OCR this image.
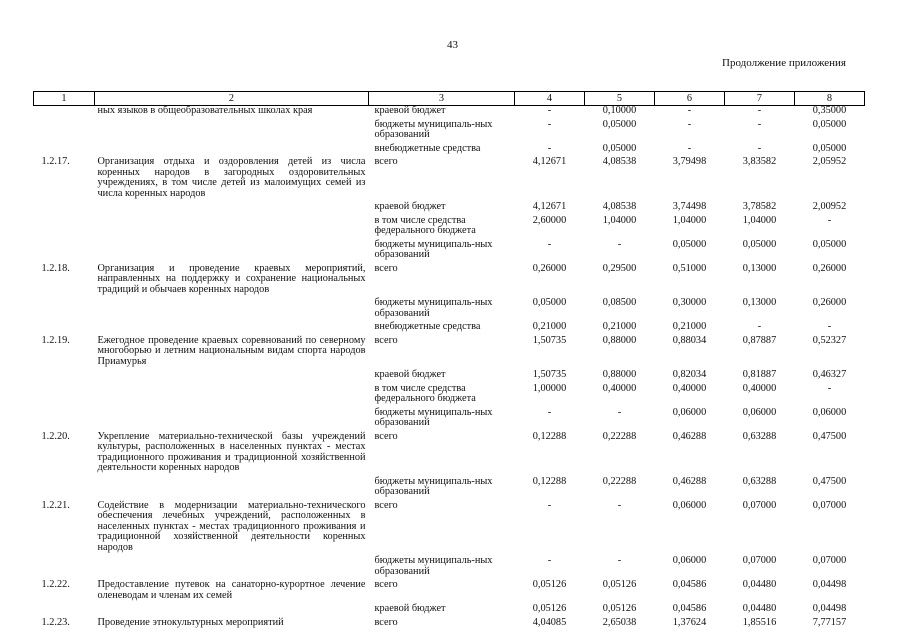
43
Продолжение приложения
1	2	3	4	5	6	7	8
	ных языков в общеобразовательных школах края	краевой бюджет	-	0,10000	-	-	0,35000

		бюджеты муниципаль-ных образований	-	0,05000	-	-	0,05000

		внебюджетные средства	-	0,05000	-	-	0,05000

1.2.17.	Организация отдыха и оздоровления детей из числа коренных народов в загородных оздоровительных учреждениях, в том числе детей из малоимущих семей из числа коренных народов	всего	4,12671	4,08538	3,79498	3,83582	2,05952

		краевой бюджет	4,12671	4,08538	3,74498	3,78582	2,00952

		в том числе средства федерального бюджета	2,60000	1,04000	1,04000	1,04000	-

		бюджеты муниципаль-ных образований	-	-	0,05000	0,05000	0,05000

1.2.18.	Организация и проведение краевых мероприятий, направленных на поддержку и сохранение национальных традиций и обычаев коренных народов	всего	0,26000	0,29500	0,51000	0,13000	0,26000

		бюджеты муниципаль-ных образований	0,05000	0,08500	0,30000	0,13000	0,26000

		внебюджетные средства	0,21000	0,21000	0,21000	-	-

1.2.19.	Ежегодное проведение краевых соревнований по северному многоборью и летним национальным видам спорта народов Приамурья	всего	1,50735	0,88000	0,88034	0,87887	0,52327

		краевой бюджет	1,50735	0,88000	0,82034	0,81887	0,46327

		в том числе средства федерального бюджета	1,00000	0,40000	0,40000	0,40000	-

		бюджеты муниципаль-ных образований	-	-	0,06000	0,06000	0,06000

1.2.20.	Укрепление материально-технической базы учреждений культуры, расположенных в населенных пунктах - местах традиционного проживания и традиционной хозяйственной деятельности коренных народов	всего	0,12288	0,22288	0,46288	0,63288	0,47500

		бюджеты муниципаль-ных образований	0,12288	0,22288	0,46288	0,63288	0,47500

1.2.21.	Содействие в модернизации материально-технического обеспечения лечебных учреждений, расположенных в населенных пунктах - местах традиционного проживания и традиционной хозяйственной деятельности коренных народов	всего	-	-	0,06000	0,07000	0,07000

		бюджеты муниципаль-ных образований	-	-	0,06000	0,07000	0,07000

1.2.22.	Предоставление путевок на санаторно-курортное лечение оленеводам и членам их семей	всего	0,05126	0,05126	0,04586	0,04480	0,04498

		краевой бюджет	0,05126	0,05126	0,04586	0,04480	0,04498

1.2.23.	Проведение этнокультурных мероприятий	всего	4,04085	2,65038	1,37624	1,85516	7,77157
